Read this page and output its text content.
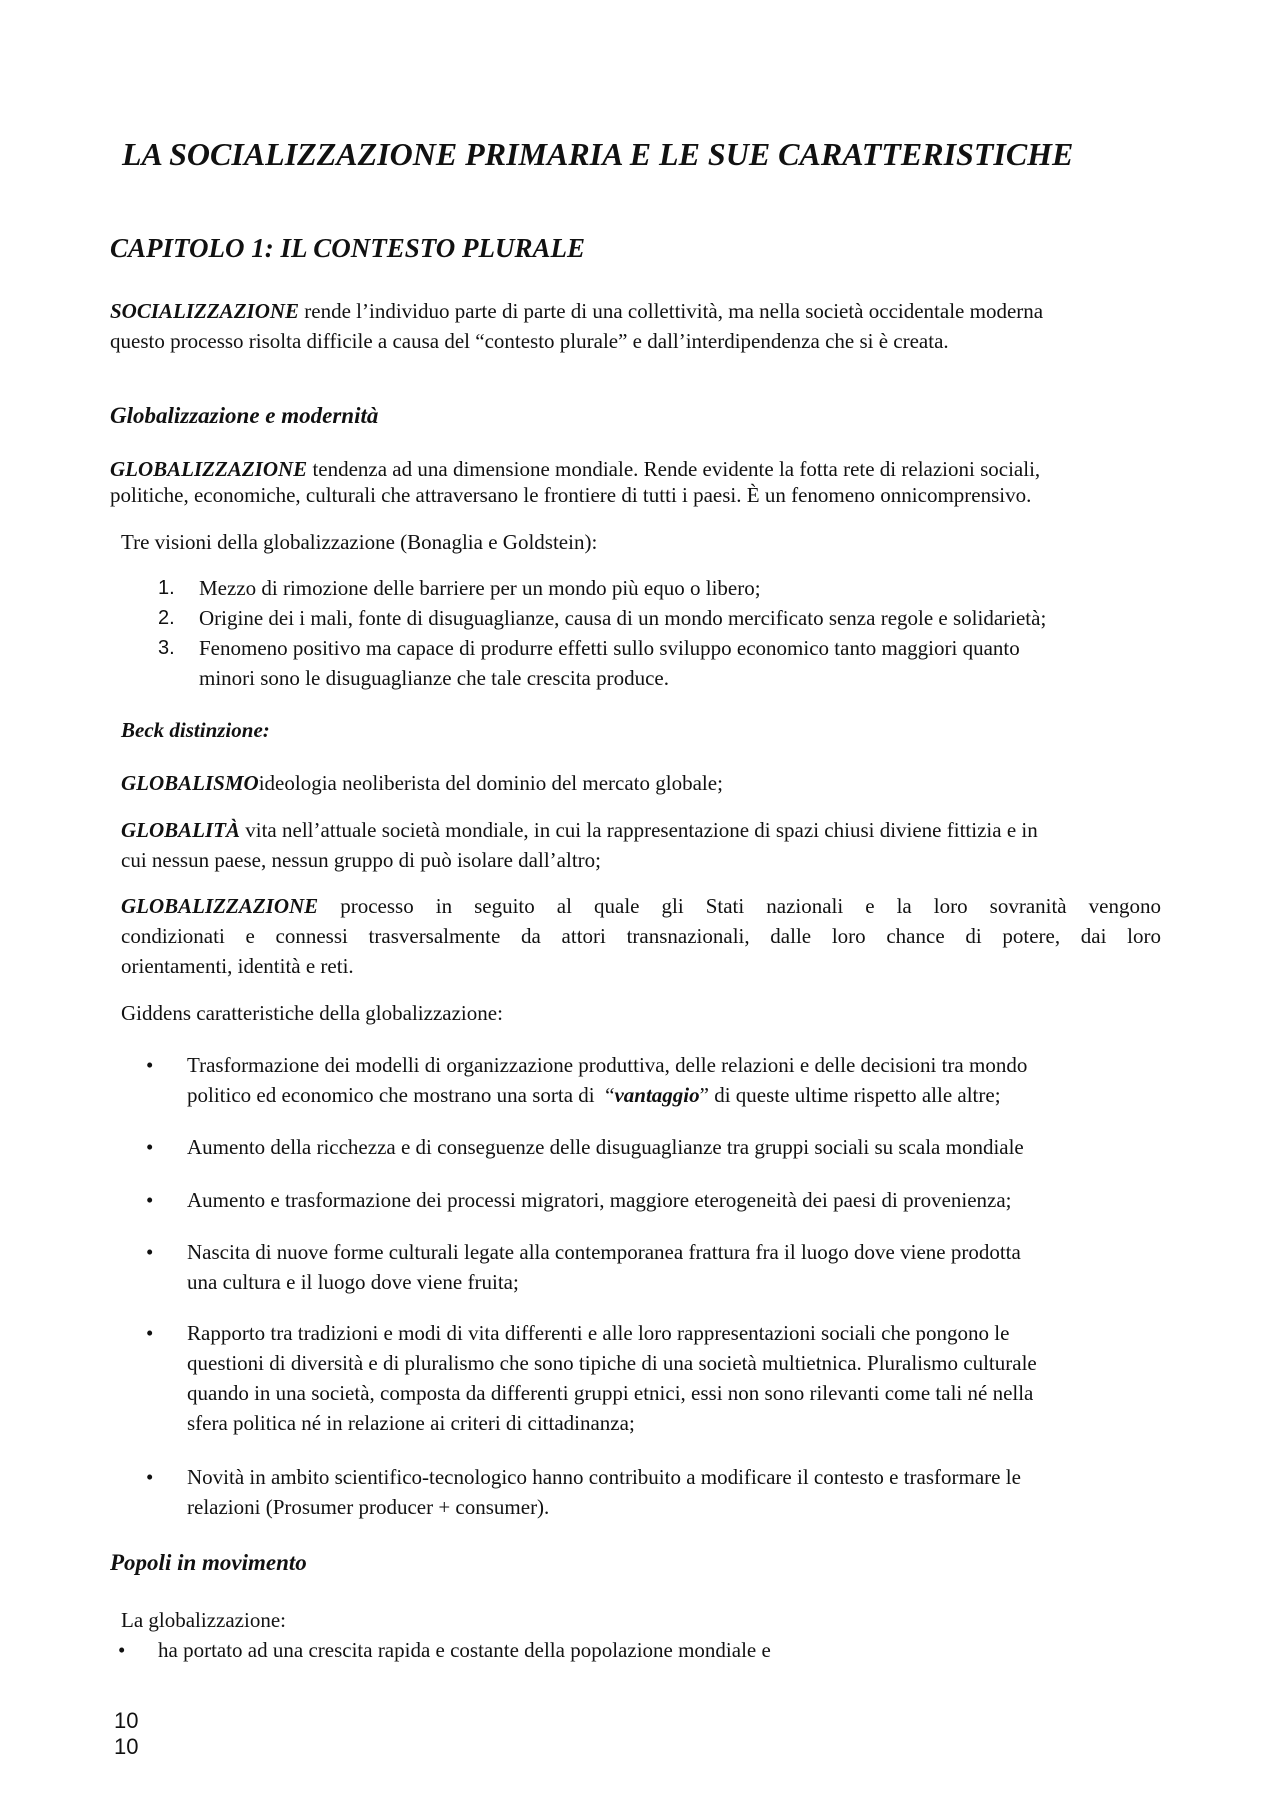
LA SOCIALIZZAZIONE PRIMARIA E LE SUE CARATTERISTICHE
CAPITOLO 1: IL CONTESTO PLURALE
SOCIALIZZAZIONE rende l’individuo parte di parte di una collettività, ma nella società occidentale moderna
questo processo risolta difficile a causa del “contesto plurale” e dall’interdipendenza che si è creata.
Globalizzazione e modernità
GLOBALIZZAZIONE tendenza ad una dimensione mondiale. Rende evidente la fotta rete di relazioni sociali,
politiche, economiche, culturali che attraversano le frontiere di tutti i paesi. È un fenomeno onnicomprensivo.
Tre visioni della globalizzazione (Bonaglia e Goldstein):
1. Mezzo di rimozione delle barriere per un mondo più equo o libero;
2. Origine dei i mali, fonte di disuguaglianze, causa di un mondo mercificato senza regole e solidarietà;
3. Fenomeno positivo ma capace di produrre effetti sullo sviluppo economico tanto maggiori quanto
minori sono le disuguaglianze che tale crescita produce.
Beck distinzione:
GLOBALISMOideologia neoliberista del dominio del mercato globale;
GLOBALITÀ vita nell’attuale società mondiale, in cui la rappresentazione di spazi chiusi diviene fittizia e in
cui nessun paese, nessun gruppo di può isolare dall’altro;
GLOBALIZZAZIONE processo in seguito al quale gli Stati nazionali e la loro sovranità vengono
condizionati e connessi trasversalmente da attori transnazionali, dalle loro chance di potere, dai loro
orientamenti, identità e reti.
Giddens caratteristiche della globalizzazione:
• Trasformazione dei modelli di organizzazione produttiva, delle relazioni e delle decisioni tra mondo
politico ed economico che mostrano una sorta di  “vantaggio” di queste ultime rispetto alle altre;
• Aumento della ricchezza e di conseguenze delle disuguaglianze tra gruppi sociali su scala mondiale
• Aumento e trasformazione dei processi migratori, maggiore eterogeneità dei paesi di provenienza;
• Nascita di nuove forme culturali legate alla contemporanea frattura fra il luogo dove viene prodotta
una cultura e il luogo dove viene fruita;
• Rapporto tra tradizioni e modi di vita differenti e alle loro rappresentazioni sociali che pongono le
questioni di diversità e di pluralismo che sono tipiche di una società multietnica. Pluralismo culturale
quando in una società, composta da differenti gruppi etnici, essi non sono rilevanti come tali né nella
sfera politica né in relazione ai criteri di cittadinanza;
• Novità in ambito scientifico-tecnologico hanno contribuito a modificare il contesto e trasformare le
relazioni (Prosumer producer + consumer).
Popoli in movimento
La globalizzazione:
• ha portato ad una crescita rapida e costante della popolazione mondiale e
10
10
